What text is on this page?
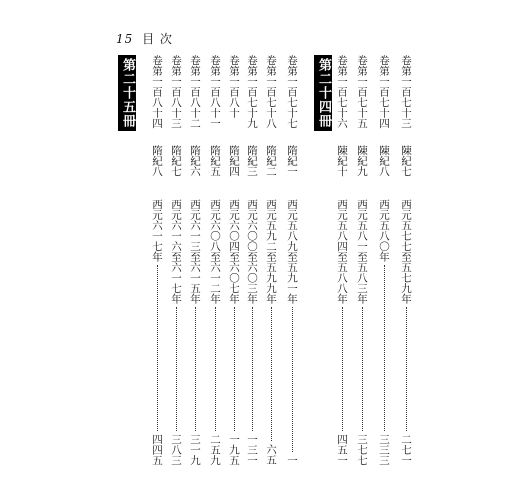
15 目 次
第二十四冊	卷第一百七十三
陳紀七
西元五七七至五七九年
二七一
卷第一百七十四
陳紀八
西元五八〇年
三三三
卷第一百七十五
陳紀九
西元五八一至五八三年
三七七
卷第一百七十六
陳紀十
西元五八四至五八八年
四五一
卷第一百七十七
隋紀一
西元五八九至五九一年
一
卷第一百七十八
隋紀二
西元五九二至五九九年
六五
卷第一百七十九
隋紀三
西元六〇〇至六〇三年
一三一
卷第一百八十
隋紀四
西元六〇四至六〇七年
一九五
卷第一百八十一
隋紀五
西元六〇八至六一二年
二五九
卷第一百八十二
隋紀六
西元六一三至六一五年
三一九
卷第一百八十三
隋紀七
西元六一六至六一七年
三八三
卷第一百八十四
隋紀八
西元六一七年
四四五
第二十五冊
